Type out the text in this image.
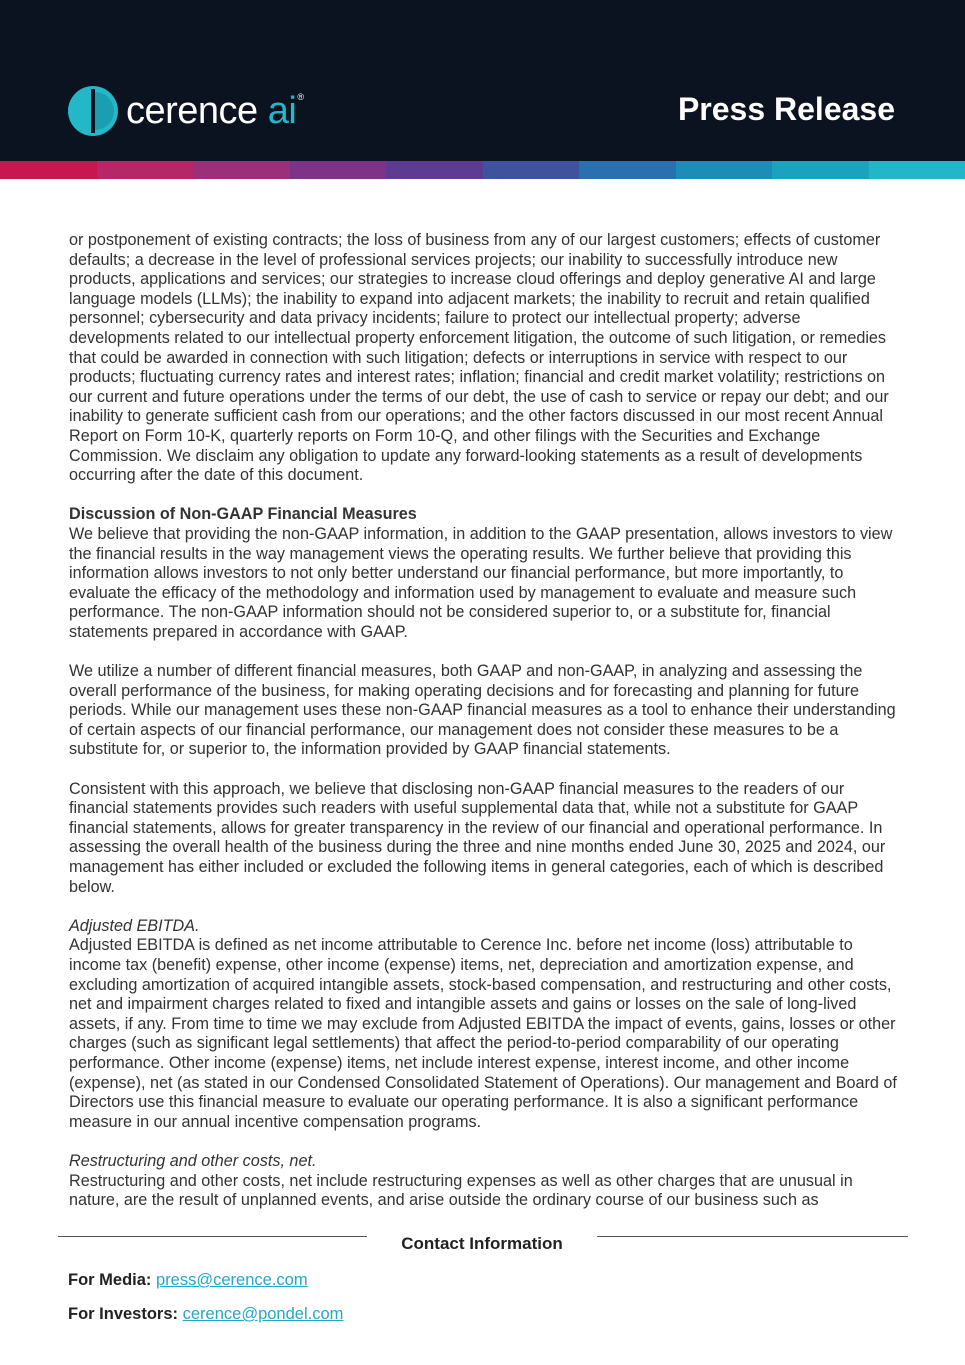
cerence ai®	Press Release

or postponement of existing contracts; the loss of business from any of our largest customers; effects of customer defaults; a decrease in the level of professional services projects; our inability to successfully introduce new products, applications and services; our strategies to increase cloud offerings and deploy generative AI and large language models (LLMs); the inability to expand into adjacent markets; the inability to recruit and retain qualified personnel; cybersecurity and data privacy incidents; failure to protect our intellectual property; adverse developments related to our intellectual property enforcement litigation, the outcome of such litigation, or remedies that could be awarded in connection with such litigation; defects or interruptions in service with respect to our products; fluctuating currency rates and interest rates; inflation; financial and credit market volatility; restrictions on our current and future operations under the terms of our debt, the use of cash to service or repay our debt; and our inability to generate sufficient cash from our operations; and the other factors discussed in our most recent Annual Report on Form 10-K, quarterly reports on Form 10-Q, and other filings with the Securities and Exchange Commission. We disclaim any obligation to update any forward-looking statements as a result of developments occurring after the date of this document.

Discussion of Non-GAAP Financial Measures

We believe that providing the non-GAAP information, in addition to the GAAP presentation, allows investors to view the financial results in the way management views the operating results. We further believe that providing this information allows investors to not only better understand our financial performance, but more importantly, to evaluate the efficacy of the methodology and information used by management to evaluate and measure such performance. The non-GAAP information should not be considered superior to, or a substitute for, financial statements prepared in accordance with GAAP.

We utilize a number of different financial measures, both GAAP and non-GAAP, in analyzing and assessing the overall performance of the business, for making operating decisions and for forecasting and planning for future periods. While our management uses these non-GAAP financial measures as a tool to enhance their understanding of certain aspects of our financial performance, our management does not consider these measures to be a substitute for, or superior to, the information provided by GAAP financial statements.

Consistent with this approach, we believe that disclosing non-GAAP financial measures to the readers of our financial statements provides such readers with useful supplemental data that, while not a substitute for GAAP financial statements, allows for greater transparency in the review of our financial and operational performance. In assessing the overall health of the business during the three and nine months ended June 30, 2025 and 2024, our management has either included or excluded the following items in general categories, each of which is described below.

Adjusted EBITDA.

Adjusted EBITDA is defined as net income attributable to Cerence Inc. before net income (loss) attributable to income tax (benefit) expense, other income (expense) items, net, depreciation and amortization expense, and excluding amortization of acquired intangible assets, stock-based compensation, and restructuring and other costs, net and impairment charges related to fixed and intangible assets and gains or losses on the sale of long-lived assets, if any. From time to time we may exclude from Adjusted EBITDA the impact of events, gains, losses or other charges (such as significant legal settlements) that affect the period-to-period comparability of our operating performance. Other income (expense) items, net include interest expense, interest income, and other income (expense), net (as stated in our Condensed Consolidated Statement of Operations). Our management and Board of Directors use this financial measure to evaluate our operating performance. It is also a significant performance measure in our annual incentive compensation programs.

Restructuring and other costs, net.

Restructuring and other costs, net include restructuring expenses as well as other charges that are unusual in nature, are the result of unplanned events, and arise outside the ordinary course of our business such as

Contact Information
For Media: press@cerence.com
For Investors: cerence@pondel.com
